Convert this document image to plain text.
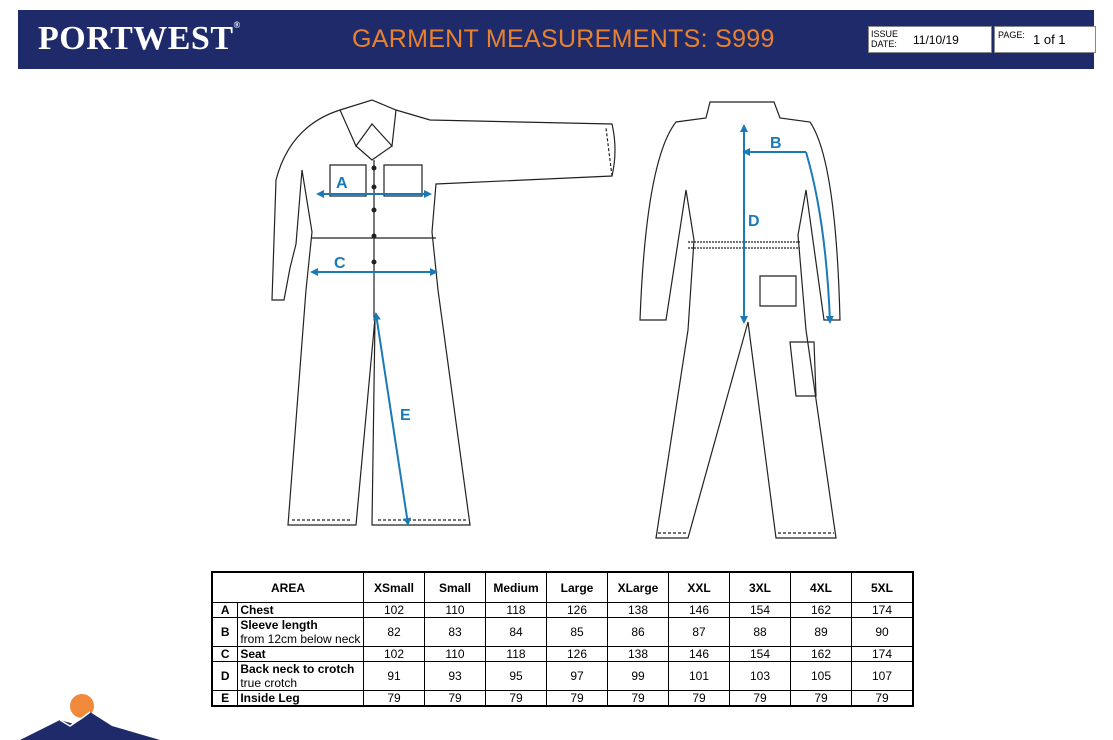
PORTWEST®	GARMENT MEASUREMENTS: S999	ISSUE
DATE:	11/10/19	PAGE: 1 of 1
A
B
C
D
E
AREA		XSmall	Small	Medium	Large	XLarge	XXL	3XL	4XL	5XL
A	Chest	102	110	118	126	138	146	154	162	174
B	Sleeve length
from 12cm below neck	82	83	84	85	86	87	88	89	90
C	Seat	102	110	118	126	138	146	154	162	174
D	Back neck to crotch
true crotch	91	93	95	97	99	101	103	105	107
E	Inside Leg	79	79	79	79	79	79	79	79	79
